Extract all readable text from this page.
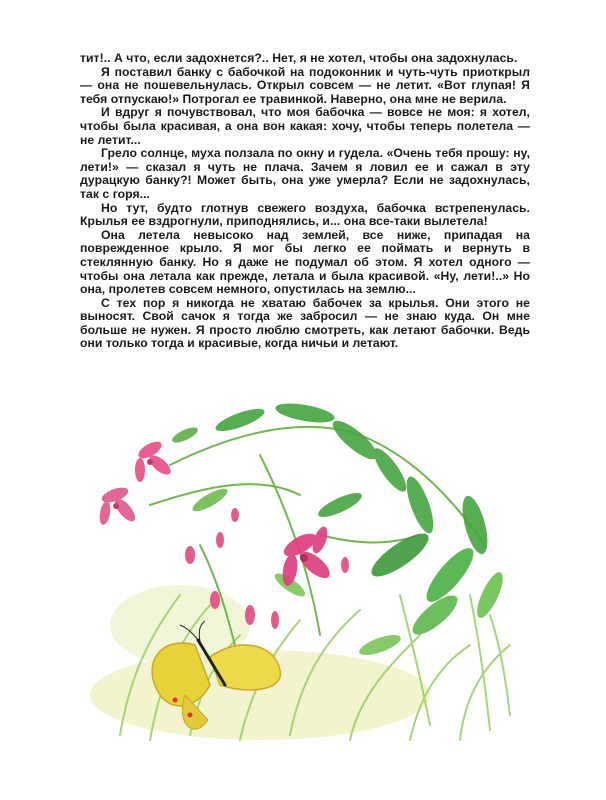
тит!.. А что, если задохнется?.. Нет, я не хотел, чтобы она задохнулась.

Я поставил банку с бабочкой на подоконник и чуть-чуть приоткрыл — она не пошевельнулась. Открыл совсем — не летит. «Вот глупая! Я тебя отпускаю!» Потрогал ее травинкой. Наверно, она мне не верила.

И вдруг я почувствовал, что моя бабочка — вовсе не моя: я хотел, чтобы была красивая, а она вон какая: хочу, чтобы теперь полетела — не летит...

Грело солнце, муха ползала по окну и гудела. «Очень тебя прошу: ну, лети!» — сказал я чуть не плача. Зачем я ловил ее и сажал в эту дурацкую банку?! Может быть, она уже умерла? Если не задохнулась, так с горя...

Но тут, будто глотнув свежего воздуха, бабочка встрепенулась. Крылья ее вздрогнули, приподнялись, и... она все-таки вылетела!

Она летела невысоко над землей, все ниже, припадая на поврежденное крыло. Я мог бы легко ее поймать и вернуть в стеклянную банку. Но я даже не подумал об этом. Я хотел одного — чтобы она летала как прежде, летала и была красивой. «Ну, лети!..» Но она, пролетев совсем немного, опустилась на землю...

С тех пор я никогда не хватаю бабочек за крылья. Они этого не выносят. Свой сачок я тогда же забросил — не знаю куда. Он мне больше не нужен. Я просто люблю смотреть, как летают бабочки. Ведь они только тогда и красивые, когда ничьи и летают.
